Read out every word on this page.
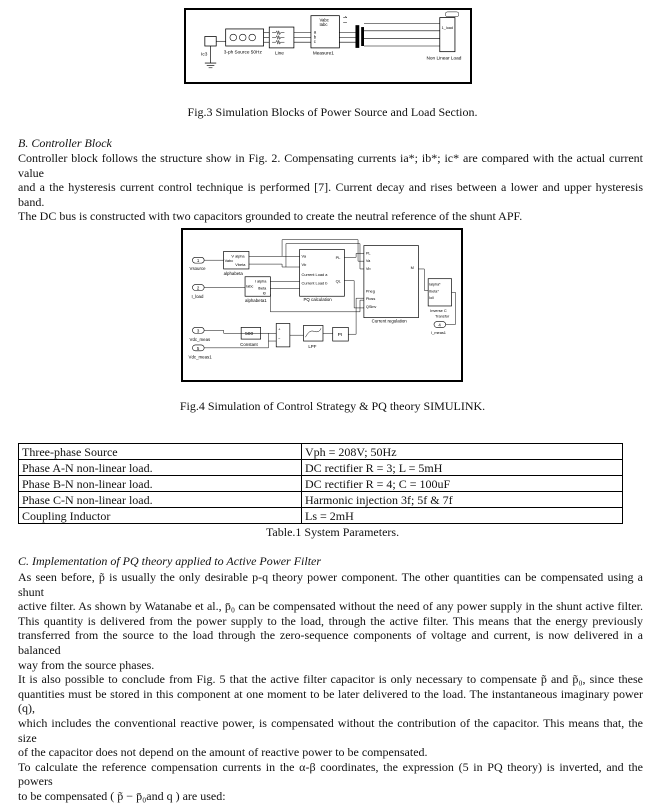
Ic3	3-ph Source 50Hz	Line
Vabc
Iabc
a
b
c
Measure1
1_load
Non Linear Load
Fig.3 Simulation Blocks of Power Source and Load Section.
B. Controller Block
Controller block follows the structure show in Fig. 2. Compensating currents ia*; ib*; ic* are compared with the actual current value
and a the hysteresis current control technique is performed [7]. Current decay and rises between a lower and upper hysteresis band.
The DC bus is constructed with two capacitors grounded to create the neutral reference of the shunt APF.
1
Vsource
2
I_load
3
Vdc_meas
5
Vdc_meas1
V alpha
Vabc
Vbeta
alphabeta
I alpha
Iabc Ibeta
I0
alphabeta1
Va
Vb
Current Load a
Current Load b
PL
QL
PQ calculation
500
Constant
+
−
LPF
PI
PL
Va
Vb
Pneg
Ploss
QSinv
M
Current regulation
Ialpha*
Ibeta*
Ioll
Inverse C
Transfor
4
I_meas1
Fig.4 Simulation of Control Strategy & PQ theory SIMULINK.
Three-phase Source	Vph = 208V; 50Hz
Phase A-N non-linear load.	DC rectifier R = 3; L = 5mH
Phase B-N non-linear load.	DC rectifier R = 4; C = 100uF
Phase C-N non-linear load.	Harmonic injection 3f; 5f & 7f
Coupling Inductor	Ls = 2mH
Table.1 System Parameters.
C. Implementation of PQ theory applied to Active Power Filter
As seen before, p̃ is usually the only desirable p-q theory power component. The other quantities can be compensated using a shunt
active filter. As shown by Watanabe et al., p̄₀ can be compensated without the need of any power supply in the shunt active filter.
This quantity is delivered from the power supply to the load, through the active filter. This means that the energy previously
transferred from the source to the load through the zero-sequence components of voltage and current, is now delivered in a balanced
way from the source phases.
It is also possible to conclude from Fig. 5 that the active filter capacitor is only necessary to compensate p̃ and p̃₀, since these
quantities must be stored in this component at one moment to be later delivered to the load. The instantaneous imaginary power (q),
which includes the conventional reactive power, is compensated without the contribution of the capacitor. This means that, the size
of the capacitor does not depend on the amount of reactive power to be compensated.
To calculate the reference compensation currents in the α-β coordinates, the expression (5 in PQ theory) is inverted, and the powers
to be compensated ( p̃ − p̄₀and q ) are used:
